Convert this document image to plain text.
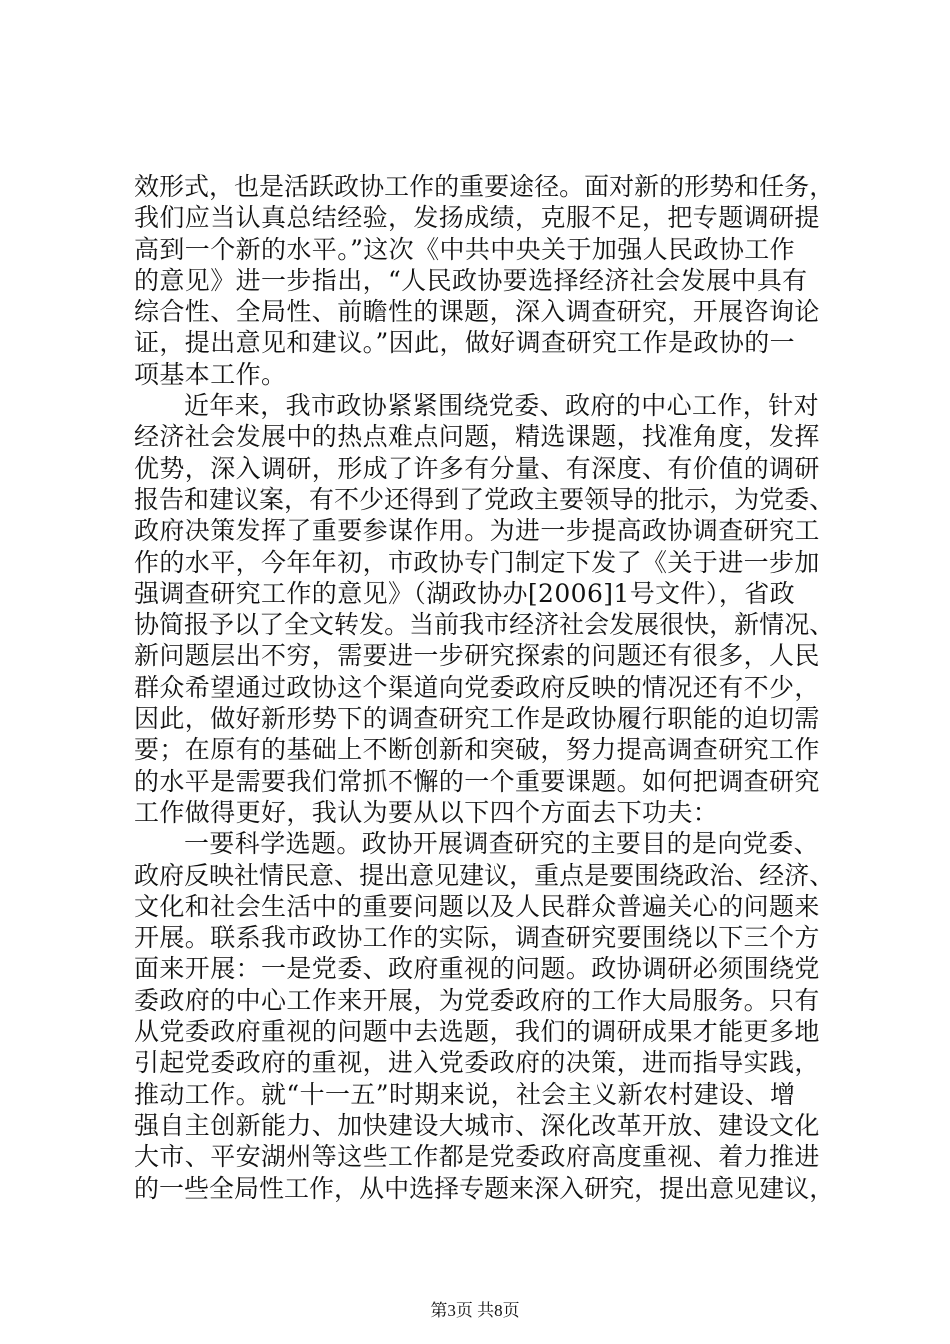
效形式，也是活跃政协工作的重要途径。面对新的形势和任务，
我们应当认真总结经验，发扬成绩，克服不足，把专题调研提
高到一个新的水平。”这次《中共中央关于加强人民政协工作
的意见》进一步指出，“人民政协要选择经济社会发展中具有
综合性、全局性、前瞻性的课题，深入调查研究，开展咨询论
证，提出意见和建议。”因此，做好调查研究工作是政协的一
项基本工作。
近年来，我市政协紧紧围绕党委、政府的中心工作，针对
经济社会发展中的热点难点问题，精选课题，找准角度，发挥
优势，深入调研，形成了许多有分量、有深度、有价值的调研
报告和建议案，有不少还得到了党政主要领导的批示，为党委、
政府决策发挥了重要参谋作用。为进一步提高政协调查研究工
作的水平，今年年初，市政协专门制定下发了《关于进一步加
强调查研究工作的意见》（湖政协办[2006]1号文件），省政
协简报予以了全文转发。当前我市经济社会发展很快，新情况、
新问题层出不穷，需要进一步研究探索的问题还有很多，人民
群众希望通过政协这个渠道向党委政府反映的情况还有不少，
因此，做好新形势下的调查研究工作是政协履行职能的迫切需
要；在原有的基础上不断创新和突破，努力提高调查研究工作
的水平是需要我们常抓不懈的一个重要课题。如何把调查研究
工作做得更好，我认为要从以下四个方面去下功夫：
一要科学选题。政协开展调查研究的主要目的是向党委、
政府反映社情民意、提出意见建议，重点是要围绕政治、经济、
文化和社会生活中的重要问题以及人民群众普遍关心的问题来
开展。联系我市政协工作的实际，调查研究要围绕以下三个方
面来开展：一是党委、政府重视的问题。政协调研必须围绕党
委政府的中心工作来开展，为党委政府的工作大局服务。只有
从党委政府重视的问题中去选题，我们的调研成果才能更多地
引起党委政府的重视，进入党委政府的决策，进而指导实践，
推动工作。就“十一五”时期来说，社会主义新农村建设、增
强自主创新能力、加快建设大城市、深化改革开放、建设文化
大市、平安湖州等这些工作都是党委政府高度重视、着力推进
的一些全局性工作，从中选择专题来深入研究，提出意见建议，
第3页 共8页
